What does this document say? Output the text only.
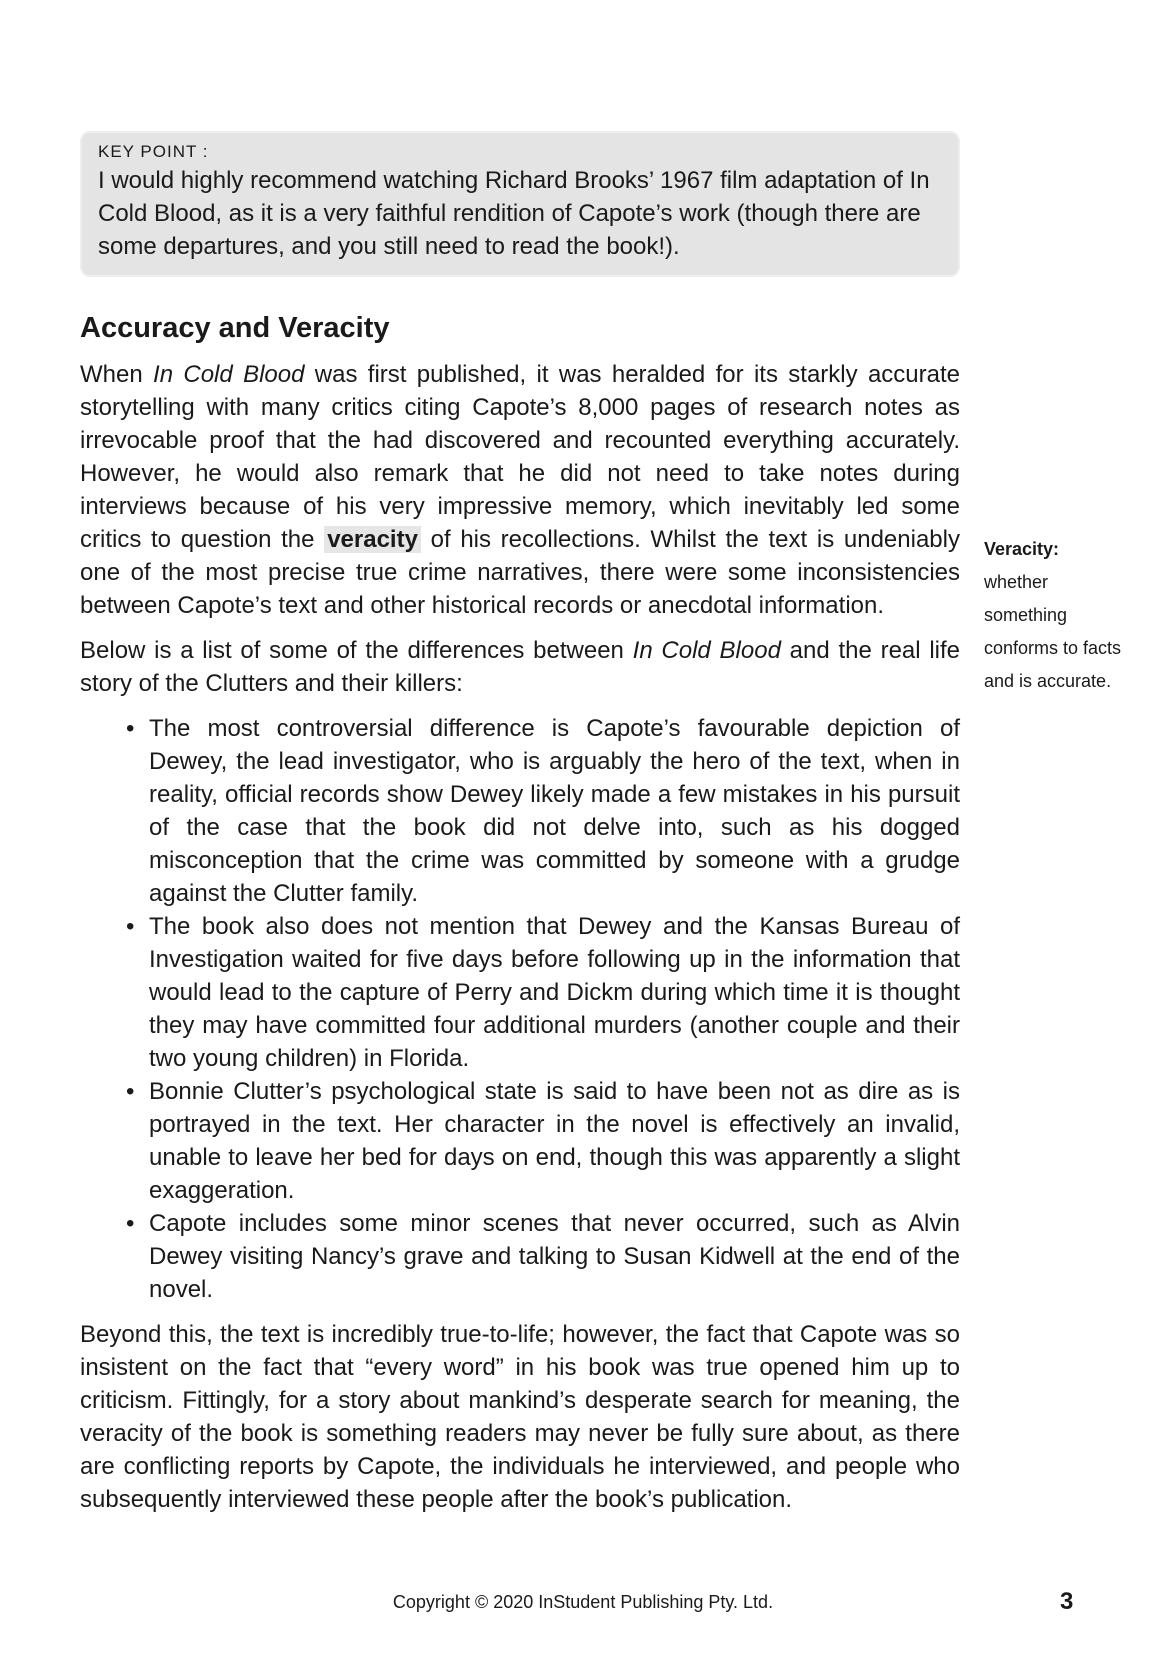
KEY POINT :
I would highly recommend watching Richard Brooks’ 1967 film adaptation of In Cold Blood, as it is a very faithful rendition of Capote’s work (though there are some departures, and you still need to read the book!).
Accuracy and Veracity

When In Cold Blood was first published, it was heralded for its starkly accurate storytelling with many critics citing Capote’s 8,000 pages of research notes as irrevocable proof that the had discovered and recounted everything accurately. However, he would also remark that he did not need to take notes during interviews because of his very impressive memory, which inevitably led some critics to question the veracity of his recollections. Whilst the text is undeniably one of the most precise true crime narratives, there were some inconsistencies between Capote’s text and other historical records or anecdotal information.

Below is a list of some of the differences between In Cold Blood and the real life story of the Clutters and their killers:

• The most controversial difference is Capote’s favourable depiction of Dewey, the lead investigator, who is arguably the hero of the text, when in reality, official records show Dewey likely made a few mistakes in his pursuit of the case that the book did not delve into, such as his dogged misconception that the crime was committed by someone with a grudge against the Clutter family.
• The book also does not mention that Dewey and the Kansas Bureau of Investigation waited for five days before following up in the information that would lead to the capture of Perry and Dickm during which time it is thought they may have committed four additional murders (another couple and their two young children) in Florida.
• Bonnie Clutter’s psychological state is said to have been not as dire as is portrayed in the text. Her character in the novel is effectively an invalid, unable to leave her bed for days on end, though this was apparently a slight exaggeration.
• Capote includes some minor scenes that never occurred, such as Alvin Dewey visiting Nancy’s grave and talking to Susan Kidwell at the end of the novel.

Beyond this, the text is incredibly true-to-life; however, the fact that Capote was so insistent on the fact that “every word” in his book was true opened him up to criticism. Fittingly, for a story about mankind’s desperate search for meaning, the veracity of the book is something readers may never be fully sure about, as there are conflicting reports by Capote, the individuals he interviewed, and people who subsequently interviewed these people after the book’s publication.

Veracity: whether something conforms to facts and is accurate.
Copyright © 2020 InStudent Publishing Pty. Ltd.	3
